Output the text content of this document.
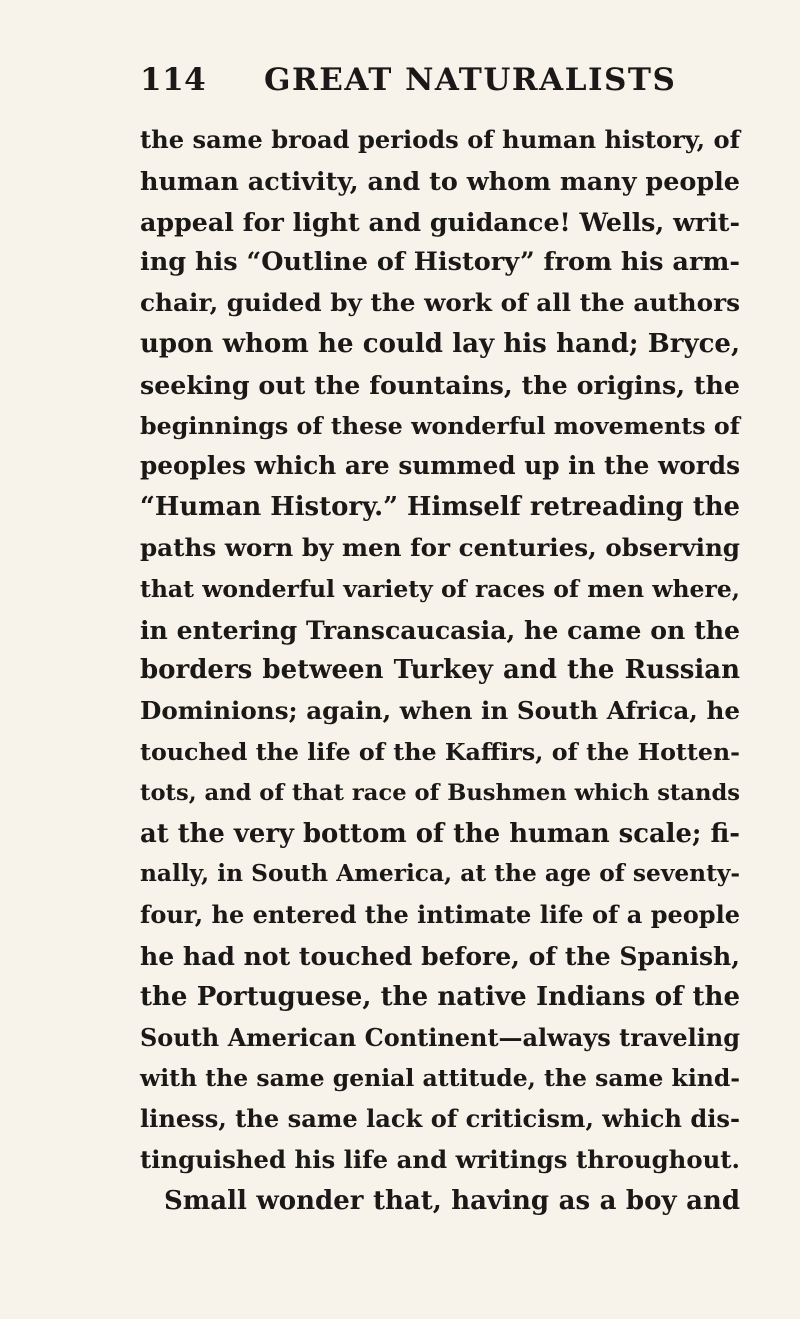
114 GREAT NATURALISTS
the same broad periods of human history, of
human activity, and to whom many people
appeal for light and guidance! Wells, writ-
ing his “Outline of History” from his arm-
chair, guided by the work of all the authors
upon whom he could lay his hand; Bryce,
seeking out the fountains, the origins, the
beginnings of these wonderful movements of
peoples which are summed up in the words
“Human History.” Himself retreading the
paths worn by men for centuries, observing
that wonderful variety of races of men where,
in entering Transcaucasia, he came on the
borders between Turkey and the Russian
Dominions; again, when in South Africa, he
touched the life of the Kaffirs, of the Hotten-
tots, and of that race of Bushmen which stands
at the very bottom of the human scale; fi-
nally, in South America, at the age of seventy-
four, he entered the intimate life of a people
he had not touched before, of the Spanish,
the Portuguese, the native Indians of the
South American Continent—always traveling
with the same genial attitude, the same kind-
liness, the same lack of criticism, which dis-
tinguished his life and writings throughout.
Small wonder that, having as a boy and
